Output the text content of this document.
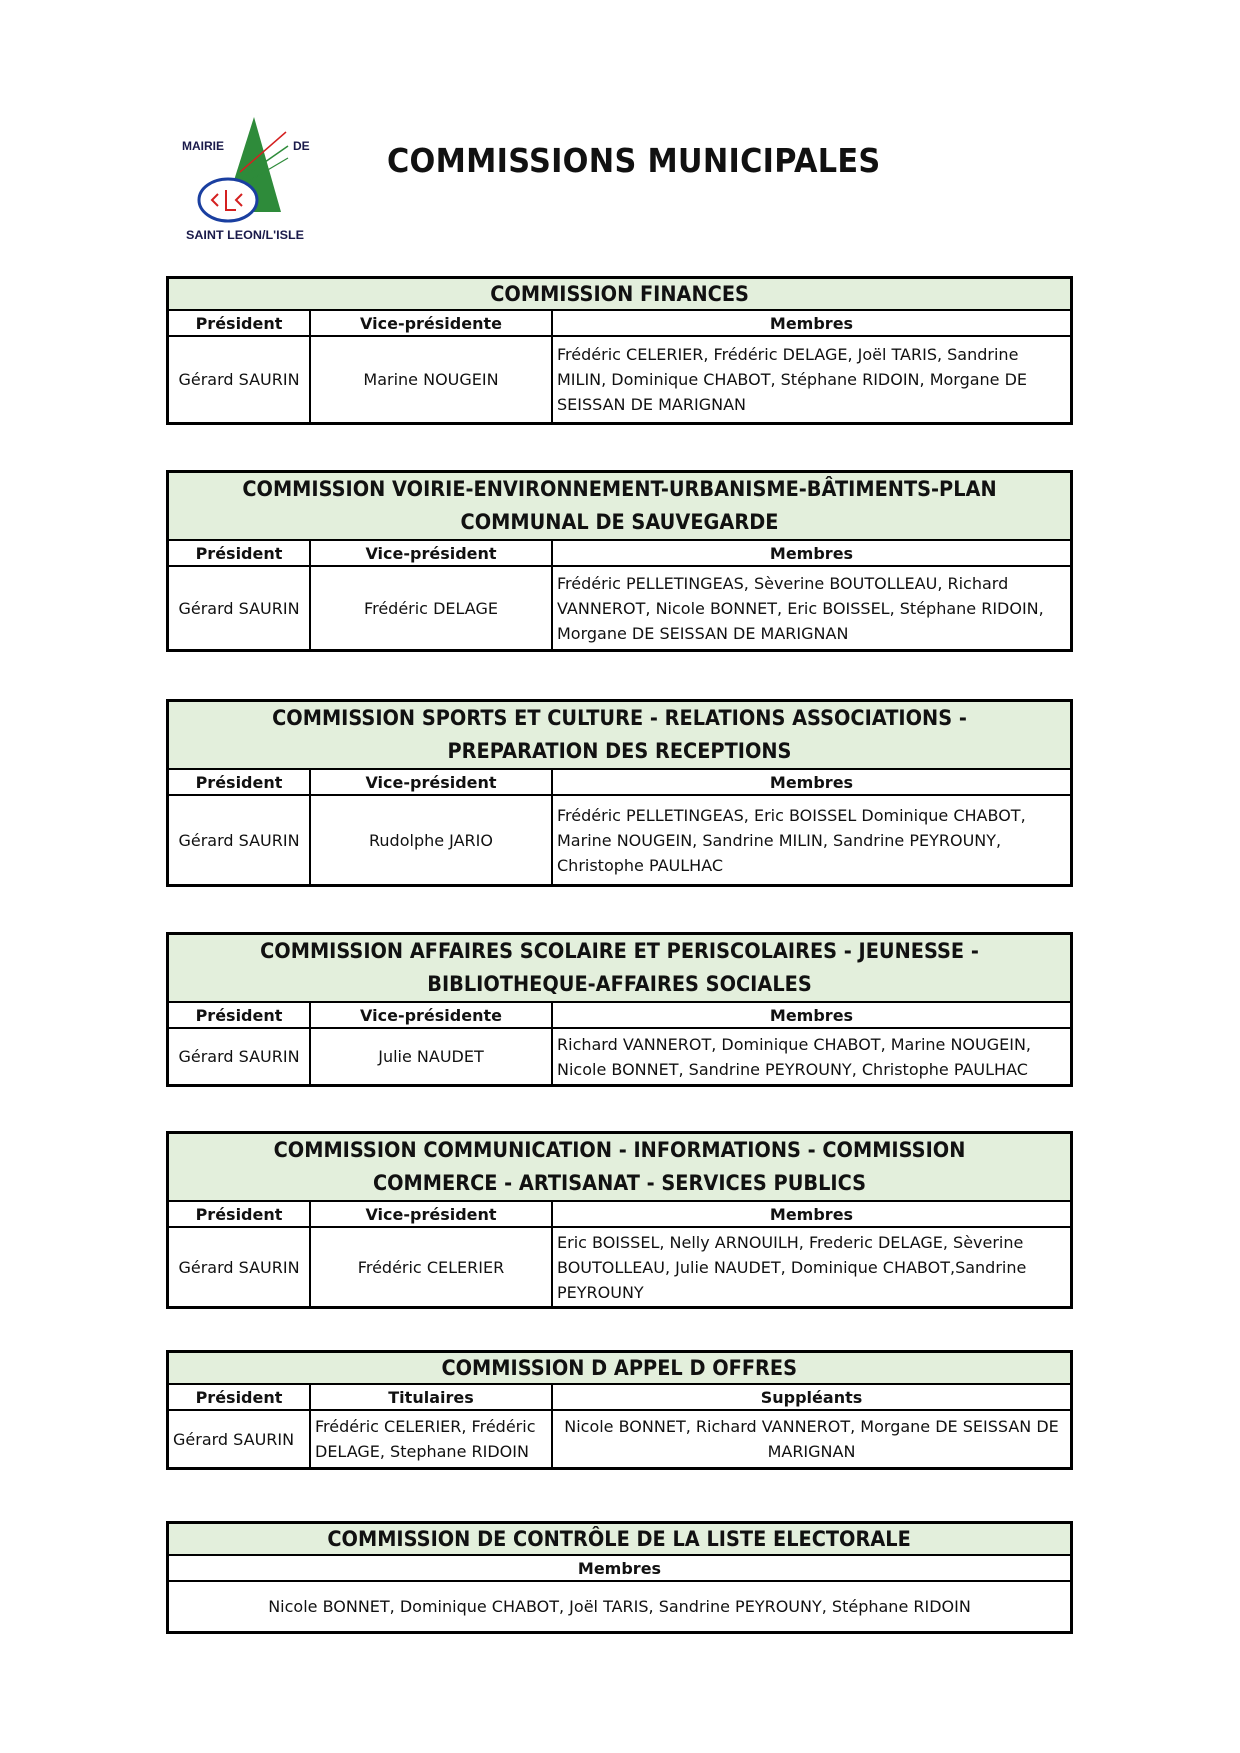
MAIRIE	DE
SAINT LEON/L'ISLE
COMMISSIONS MUNICIPALES
COMMISSION FINANCES
Président	Vice-présidente	Membres
Gérard SAURIN	Marine NOUGEIN	Frédéric CELERIER, Frédéric DELAGE, Joël TARIS, Sandrine MILIN, Dominique CHABOT, Stéphane RIDOIN, Morgane DE SEISSAN DE MARIGNAN
COMMISSION VOIRIE-ENVIRONNEMENT-URBANISME-BÂTIMENTS-PLAN COMMUNAL DE SAUVEGARDE
Président	Vice-président	Membres
Gérard SAURIN	Frédéric DELAGE	Frédéric PELLETINGEAS, Sèverine BOUTOLLEAU, Richard VANNEROT, Nicole BONNET, Eric BOISSEL, Stéphane RIDOIN, Morgane DE SEISSAN DE MARIGNAN
COMMISSION SPORTS ET CULTURE - RELATIONS ASSOCIATIONS - PREPARATION DES RECEPTIONS
Président	Vice-président	Membres
Gérard SAURIN	Rudolphe JARIO	Frédéric PELLETINGEAS, Eric BOISSEL Dominique CHABOT, Marine NOUGEIN, Sandrine MILIN, Sandrine PEYROUNY, Christophe PAULHAC
COMMISSION AFFAIRES SCOLAIRE ET PERISCOLAIRES - JEUNESSE - BIBLIOTHEQUE-AFFAIRES SOCIALES
Président	Vice-présidente	Membres
Gérard SAURIN	Julie NAUDET	Richard VANNEROT, Dominique CHABOT, Marine NOUGEIN, Nicole BONNET, Sandrine PEYROUNY, Christophe PAULHAC
COMMISSION COMMUNICATION - INFORMATIONS - COMMISSION COMMERCE - ARTISANAT - SERVICES PUBLICS
Président	Vice-président	Membres
Gérard SAURIN	Frédéric CELERIER	Eric BOISSEL, Nelly ARNOUILH, Frederic DELAGE, Sèverine BOUTOLLEAU, Julie NAUDET, Dominique CHABOT,Sandrine PEYROUNY
COMMISSION D APPEL D OFFRES
Président	Titulaires	Suppléants
Gérard SAURIN	Frédéric CELERIER, Frédéric DELAGE, Stephane RIDOIN	Nicole BONNET, Richard VANNEROT, Morgane DE SEISSAN DE MARIGNAN
COMMISSION DE CONTRÔLE DE LA LISTE ELECTORALE
Membres
Nicole BONNET, Dominique CHABOT, Joël TARIS, Sandrine PEYROUNY, Stéphane RIDOIN
